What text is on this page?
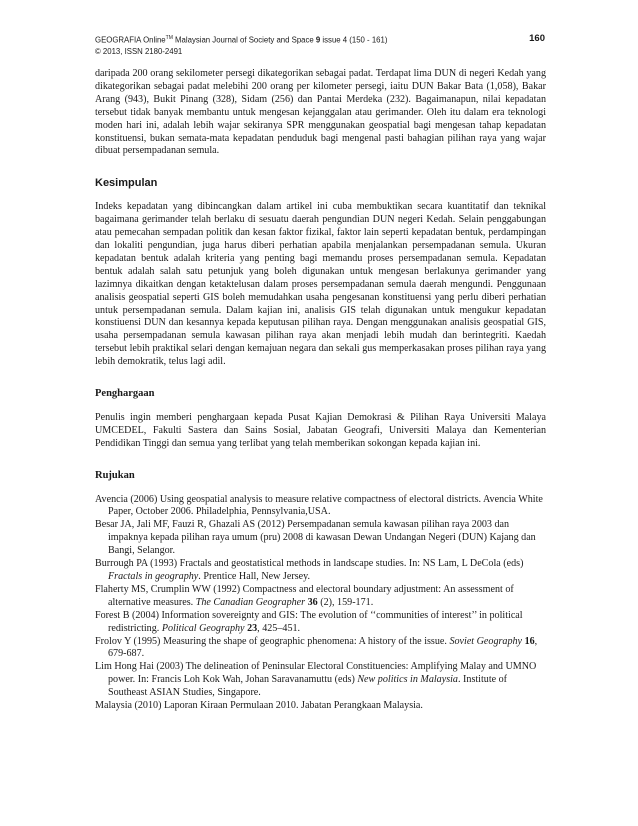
GEOGRAFIA Online™ Malaysian Journal of Society and Space 9 issue 4 (150 - 161)	160
© 2013, ISSN 2180-2491

daripada 200 orang sekilometer persegi dikategorikan sebagai padat. Terdapat lima DUN di negeri Kedah yang dikategorikan sebagai padat melebihi 200 orang per kilometer persegi, iaitu DUN Bakar Bata (1,058), Bakar Arang (943), Bukit Pinang (328), Sidam (256) dan Pantai Merdeka (232). Bagaimanapun, nilai kepadatan tersebut tidak banyak membantu untuk mengesan kejanggalan atau gerimander. Oleh itu dalam era teknologi moden hari ini, adalah lebih wajar sekiranya SPR menggunakan geospatial bagi mengesan tahap kepadatan konstituensi, bukan semata-mata kepadatan penduduk bagi mengenal pasti bahagian pilihan raya yang wajar dibuat persempadanan semula.

Kesimpulan

Indeks kepadatan yang dibincangkan dalam artikel ini cuba membuktikan secara kuantitatif dan teknikal bagaimana gerimander telah berlaku di sesuatu daerah pengundian DUN negeri Kedah. Selain penggabungan atau pemecahan sempadan politik dan kesan faktor fizikal, faktor lain seperti kepadatan bentuk, perdampingan dan lokaliti pengundian, juga harus diberi perhatian apabila menjalankan persempadanan semula. Ukuran kepadatan bentuk adalah kriteria yang penting bagi memandu proses persempadanan semula. Kepadatan bentuk adalah salah satu petunjuk yang boleh digunakan untuk mengesan berlakunya gerimander yang lazimnya dikaitkan dengan ketaktelusan dalam proses persempadanan semula daerah mengundi. Penggunaan analisis geospatial seperti GIS boleh memudahkan usaha pengesanan konstituensi yang perlu diberi perhatian untuk persempadanan semula. Dalam kajian ini, analisis GIS telah digunakan untuk mengukur kepadatan konstiuensi DUN dan kesannya kepada keputusan pilihan raya. Dengan menggunakan analisis geospatial GIS, usaha persempadanan semula kawasan pilihan raya akan menjadi lebih mudah dan berintegriti. Kaedah tersebut lebih praktikal selari dengan kemajuan negara dan sekali gus memperkasakan proses pilihan raya yang lebih demokratik, telus lagi adil.

Penghargaan

Penulis ingin memberi penghargaan kepada Pusat Kajian Demokrasi & Pilihan Raya Universiti Malaya UMCEDEL, Fakulti Sastera dan Sains Sosial, Jabatan Geografi, Universiti Malaya dan Kementerian Pendidikan Tinggi dan semua yang terlibat yang telah memberikan sokongan kepada kajian ini.

Rujukan

Avencia (2006) Using geospatial analysis to measure relative compactness of electoral districts. Avencia White Paper, October 2006. Philadelphia, Pennsylvania,USA.

Besar JA, Jali MF, Fauzi R, Ghazali AS (2012) Persempadanan semula kawasan pilihan raya 2003 dan impaknya kepada pilihan raya umum (pru) 2008 di kawasan Dewan Undangan Negeri (DUN) Kajang dan Bangi, Selangor.

Burrough PA (1993) Fractals and geostatistical methods in landscape studies. In: NS Lam, L DeCola (eds) Fractals in geography. Prentice Hall, New Jersey.

Flaherty MS, Crumplin WW (1992) Compactness and electoral boundary adjustment: An assessment of alternative measures. The Canadian Geographer 36 (2), 159-171.

Forest B (2004) Information sovereignty and GIS: The evolution of ‘‘communities of interest’’ in political redistricting. Political Geography 23, 425–451.

Frolov Y (1995) Measuring the shape of geographic phenomena: A history of the issue. Soviet Geography 16, 679-687.

Lim Hong Hai (2003) The delineation of Peninsular Electoral Constituencies: Amplifying Malay and UMNO power. In: Francis Loh Kok Wah, Johan Saravanamuttu (eds) New politics in Malaysia. Institute of Southeast ASIAN Studies, Singapore.

Malaysia (2010) Laporan Kiraan Permulaan 2010. Jabatan Perangkaan Malaysia.
